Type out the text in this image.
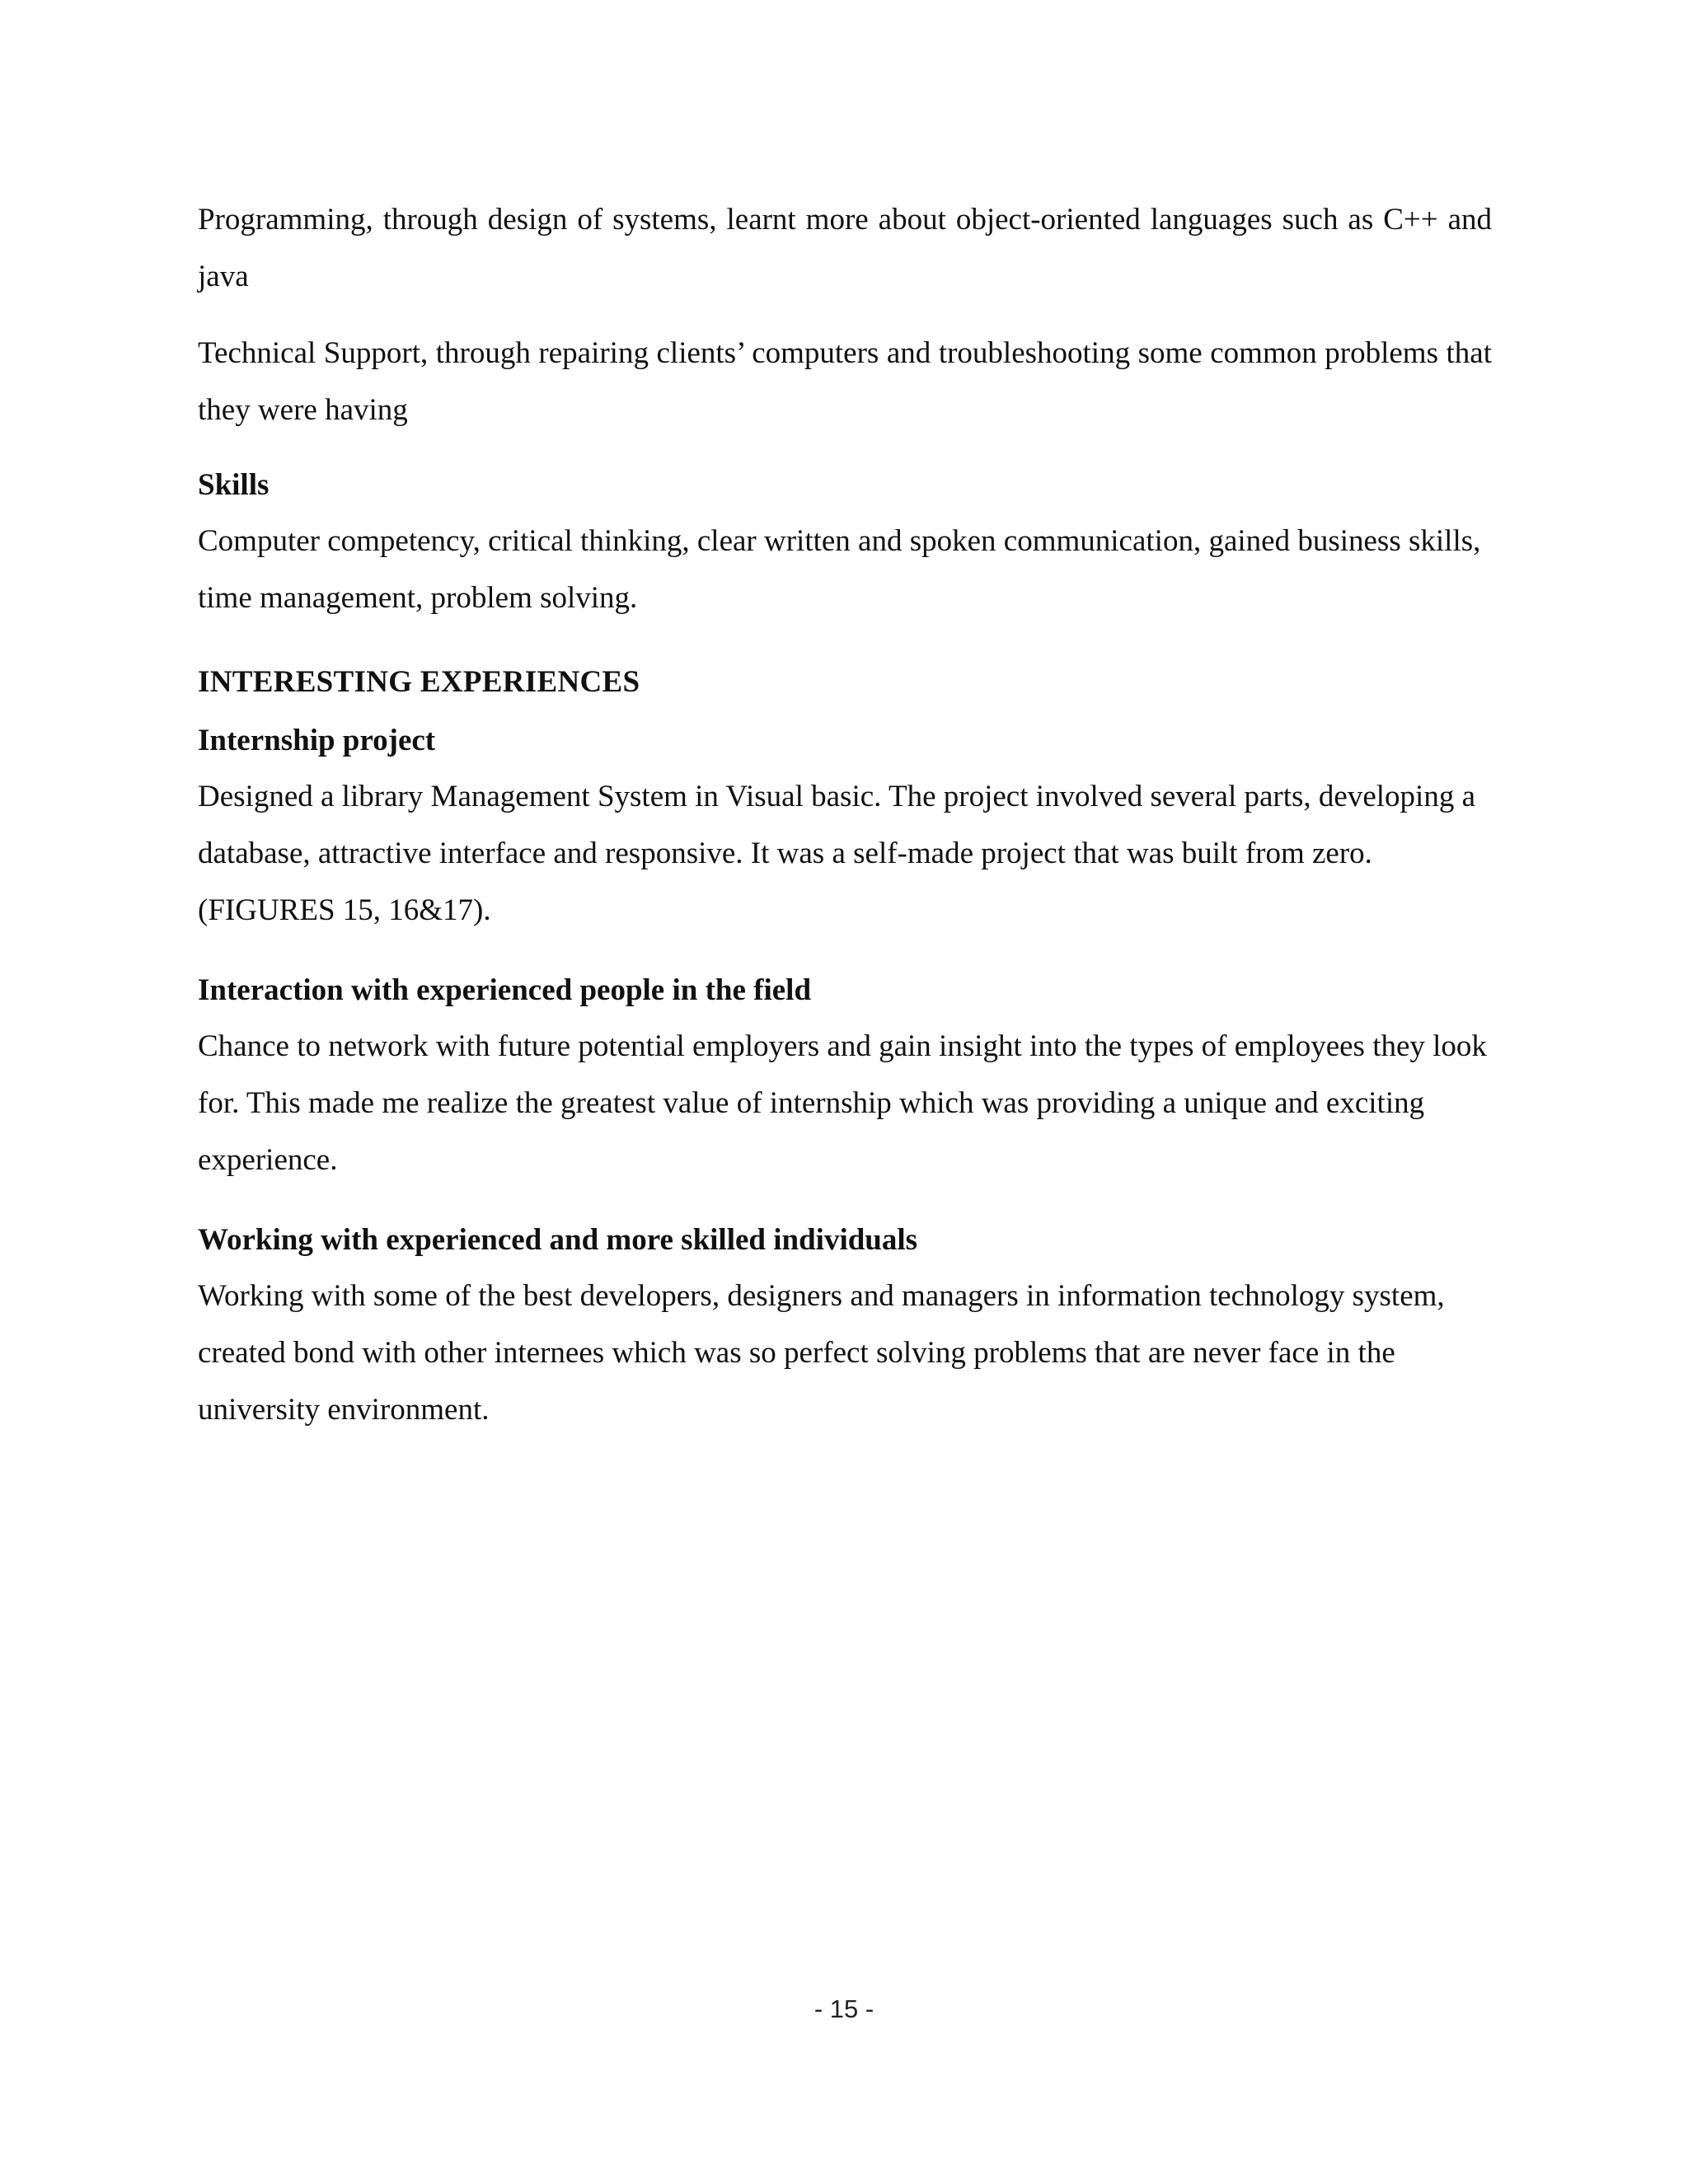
Programming, through design of systems, learnt more about object-oriented languages such as C++ and java

Technical Support, through repairing clients’ computers and troubleshooting some common problems that they were having

Skills

Computer competency, critical thinking, clear written and spoken communication, gained business skills, time management, problem solving.

INTERESTING EXPERIENCES

Internship project

Designed a library Management System in Visual basic. The project involved several parts, developing a database, attractive interface and responsive. It was a self-made project that was built from zero. (FIGURES 15, 16&17).

Interaction with experienced people in the field

Chance to network with future potential employers and gain insight into the types of employees they look for. This made me realize the greatest value of internship which was providing a unique and exciting experience.

Working with experienced and more skilled individuals

Working with some of the best developers, designers and managers in information technology system, created bond with other internees which was so perfect solving problems that are never face in the university environment.

- 15 -
